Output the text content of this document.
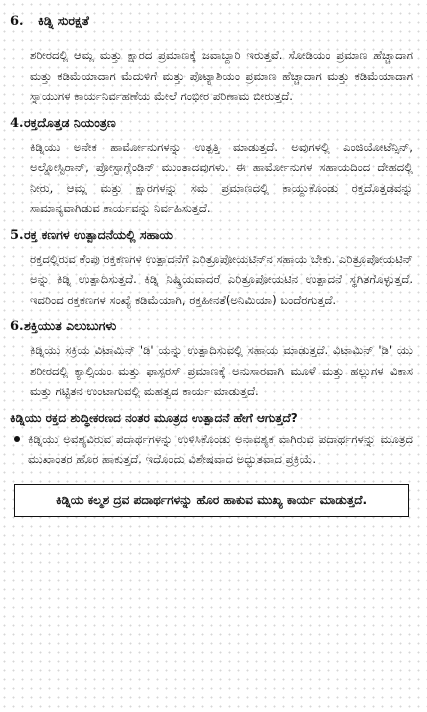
6.	ಕಿಡ್ನಿ ಸುರಕ್ಷತೆ

ಶರೀರದಲ್ಲಿ ಆಮ್ಲ ಮತ್ತು ಕ್ಷಾರದ ಪ್ರಮಾಣಕ್ಕೆ ಜವಾಬ್ದಾರಿ ಇರುತ್ತವೆ. ಸೋಡಿಯಂ ಪ್ರಮಾಣ ಹೆಚ್ಚಾದಾಗ ಮತ್ತು ಕಡಿಮೆಯಾದಾಗ ಮೆದುಳಿಗೆ ಮತ್ತು ಪೊಟ್ಯಾಶಿಯಂ ಪ್ರಮಾಣ ಹೆಚ್ಚಾದಾಗ ಮತ್ತು ಕಡಿಮೆಯಾದಾಗ ಸ್ನಾಯುಗಳ ಕಾರ್ಯನಿರ್ವಹಣೆಯ ಮೇಲೆ ಗಂಭೀರ ಪರಿಣಾಮ ಬೀರುತ್ತದೆ.

4. ರಕ್ತದೊತ್ತಡ ನಿಯಂತ್ರಣ

ಕಿಡ್ನಿಯು ಅನೇಕ ಹಾರ್ಮೋನುಗಳನ್ನು ಉತ್ಪತ್ತಿ ಮಾಡುತ್ತದೆ. ಅವುಗಳಲ್ಲಿ ಎಂಜಿಯೋಟೆನ್ಸಿನ್, ಅಲ್ಡೋಸ್ಟಿರಾನ್, ಪ್ರೋಸ್ಟಾಗ್ಲೆಂಡಿನ್ ಮುಂತಾದವುಗಳು. ಈ ಹಾರ್ಮೋನುಗಳ ಸಹಾಯದಿಂದ ದೇಹದಲ್ಲಿ ನೀರು, ಆಮ್ಲ ಮತ್ತು ಕ್ಷಾರಗಳನ್ನು ಸಮ ಪ್ರಮಾಣದಲ್ಲಿ ಕಾಯ್ದುಕೊಂಡು ರಕ್ತದೊತ್ತಡವನ್ನು ಸಾಮಾನ್ಯವಾಗಿಡುವ ಕಾರ್ಯವನ್ನು ನಿರ್ವಹಿಸುತ್ತದೆ.

5. ರಕ್ತ ಕಣಗಳ ಉತ್ಪಾದನೆಯಲ್ಲಿ ಸಹಾಯ

ರಕ್ತದಲ್ಲಿರುವ ಕೆಂಪು ರಕ್ತಕಣಗಳ ಉತ್ಪಾದನೆಗೆ ಎರಿತ್ರೂಪೋಯಟಿನ್‌ನ ಸಹಾಯ ಬೇಕು. ಎರಿತ್ರೂಪೋಯಟಿನ್ ಅನ್ನು ಕಿಡ್ನಿ ಉತ್ಪಾದಿಸುತ್ತದೆ. ಕಿಡ್ನಿ ನಿಷ್ಕ್ರಿಯವಾದರೆ ಎರಿತ್ರೂಪೋಯಟಿನ ಉತ್ಪಾದನೆ ಸ್ಥಗಿತಗೊಳ್ಳುತ್ತದೆ. ಇದರಿಂದ ರಕ್ತಕಣಗಳ ಸಂಖ್ಯೆ ಕಡಿಮೆಯಾಗಿ, ರಕ್ತಹೀನತೆ(ಅನಿಮಿಯಾ) ಬಂದೆರಗುತ್ತದೆ.

6. ಶಕ್ತಿಯುತ ಎಲುಬುಗಳು

ಕಿಡ್ನಿಯು ಸಕ್ರಿಯ ವಿಟಾಮಿನ್ 'ಡಿ' ಯನ್ನು ಉತ್ಪಾದಿಸುವಲ್ಲಿ ಸಹಾಯ ಮಾಡುತ್ತದೆ. ವಿಟಾಮಿನ್ 'ಡಿ' ಯು ಶರೀರದಲ್ಲಿ ಕ್ಯಾಲ್ಸಿಯಂ ಮತ್ತು ಫಾಸ್ಪರಸ್ ಪ್ರಮಾಣಕ್ಕೆ ಅನುಸಾರವಾಗಿ ಮೂಳೆ ಮತ್ತು ಹಲ್ಲುಗಳ ವಿಕಾಸ ಮತ್ತು ಗಟ್ಟಿತನ ಉಂಟಾಗುವಲ್ಲಿ ಮಹತ್ವದ ಕಾರ್ಯ ಮಾಡುತ್ತದೆ.

ಕಿಡ್ನಿಯು ರಕ್ತದ ಶುದ್ಧೀಕರಣದ ನಂತರ ಮೂತ್ರದ ಉತ್ಪಾದನೆ ಹೇಗೆ ಆಗುತ್ತದೆ?
ಕಿಡ್ನಿಯು ಅವಶ್ಯವಿರುವ ಪದಾರ್ಥಗಳನ್ನು ಉಳಿಸಿಕೊಂಡು ಅನಾವಶ್ಯಕ ವಾಗಿರುವ ಪದಾರ್ಥಗಳನ್ನು ಮೂತ್ರದ ಮುಖಾಂತರ ಹೊರ ಹಾಕುತ್ತದೆ. ಇದೊಂದು ವಿಶೇಷವಾದ ಅದ್ಭುತವಾದ ಪ್ರಕ್ರಿಯೆ.
ಕಿಡ್ನಿಯ ಕಲ್ಮಶ ದ್ರವ ಪದಾರ್ಥಗಳನ್ನು ಹೊರ ಹಾಕುವ ಮುಖ್ಯ ಕಾರ್ಯ ಮಾಡುತ್ತದೆ.
